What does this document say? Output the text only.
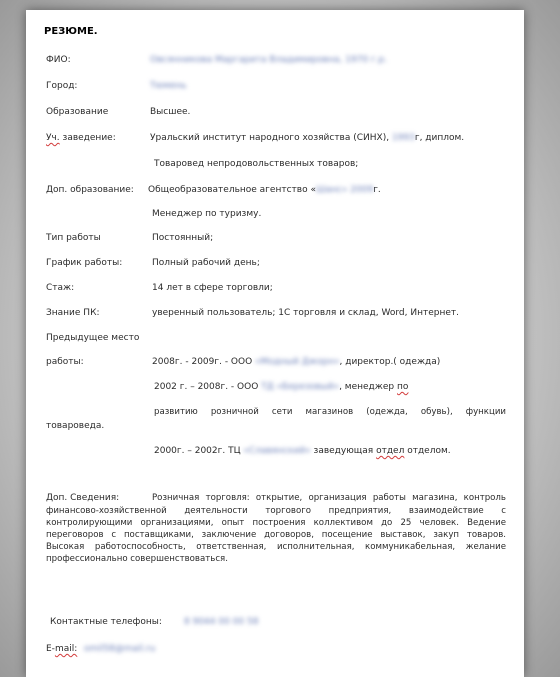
РЕЗЮМЕ.
ФИО:	Овсянникова Маргарита Владимировна, 1970 г.р.
Город:	Тюмень
Образование	Высшее.
Уч. заведение:	Уральский институт народного хозяйства (СИНХ), 1993г, диплом.
Товаровед непродовольственных товаров;
Доп. образование: Общеобразовательное агентство «Шанс» 2009г.
Менеджер по туризму.
Тип работы	Постоянный;
График работы:	Полный рабочий день;
Стаж:	14 лет в сфере торговли;
Знание ПК:	уверенный пользователь; 1С торговля и склад, Word, Интернет.
Предыдущее место
работы:	2008г. - 2009г. - ООО «Модный Джорн», директор.( одежда)
2002 г. – 2008г. - ООО ТД «Березовый», менеджер по
развитию розничной сети магазинов (одежда, обувь), функции
товароведа.
2000г. – 2002г. ТЦ «Славянский» заведующая отдел отделом.
Доп. Сведения:	Розничная торговля: открытие, организация работы магазина, контроль
финансово-хозяйственной деятельности торгового предприятия, взаимодействие с контролирующими организациями, опыт построения коллективом до 25 человек. Ведение переговоров с поставщиками, заключение договоров, посещение выставок, закуп товаров. Высокая работоспособность, ответственная, исполнительная, коммуникабельная, желание профессионально совершенствоваться.
Контактные телефоны: 8 9044 00 00 58
E-mail: omil58@mail.ru
